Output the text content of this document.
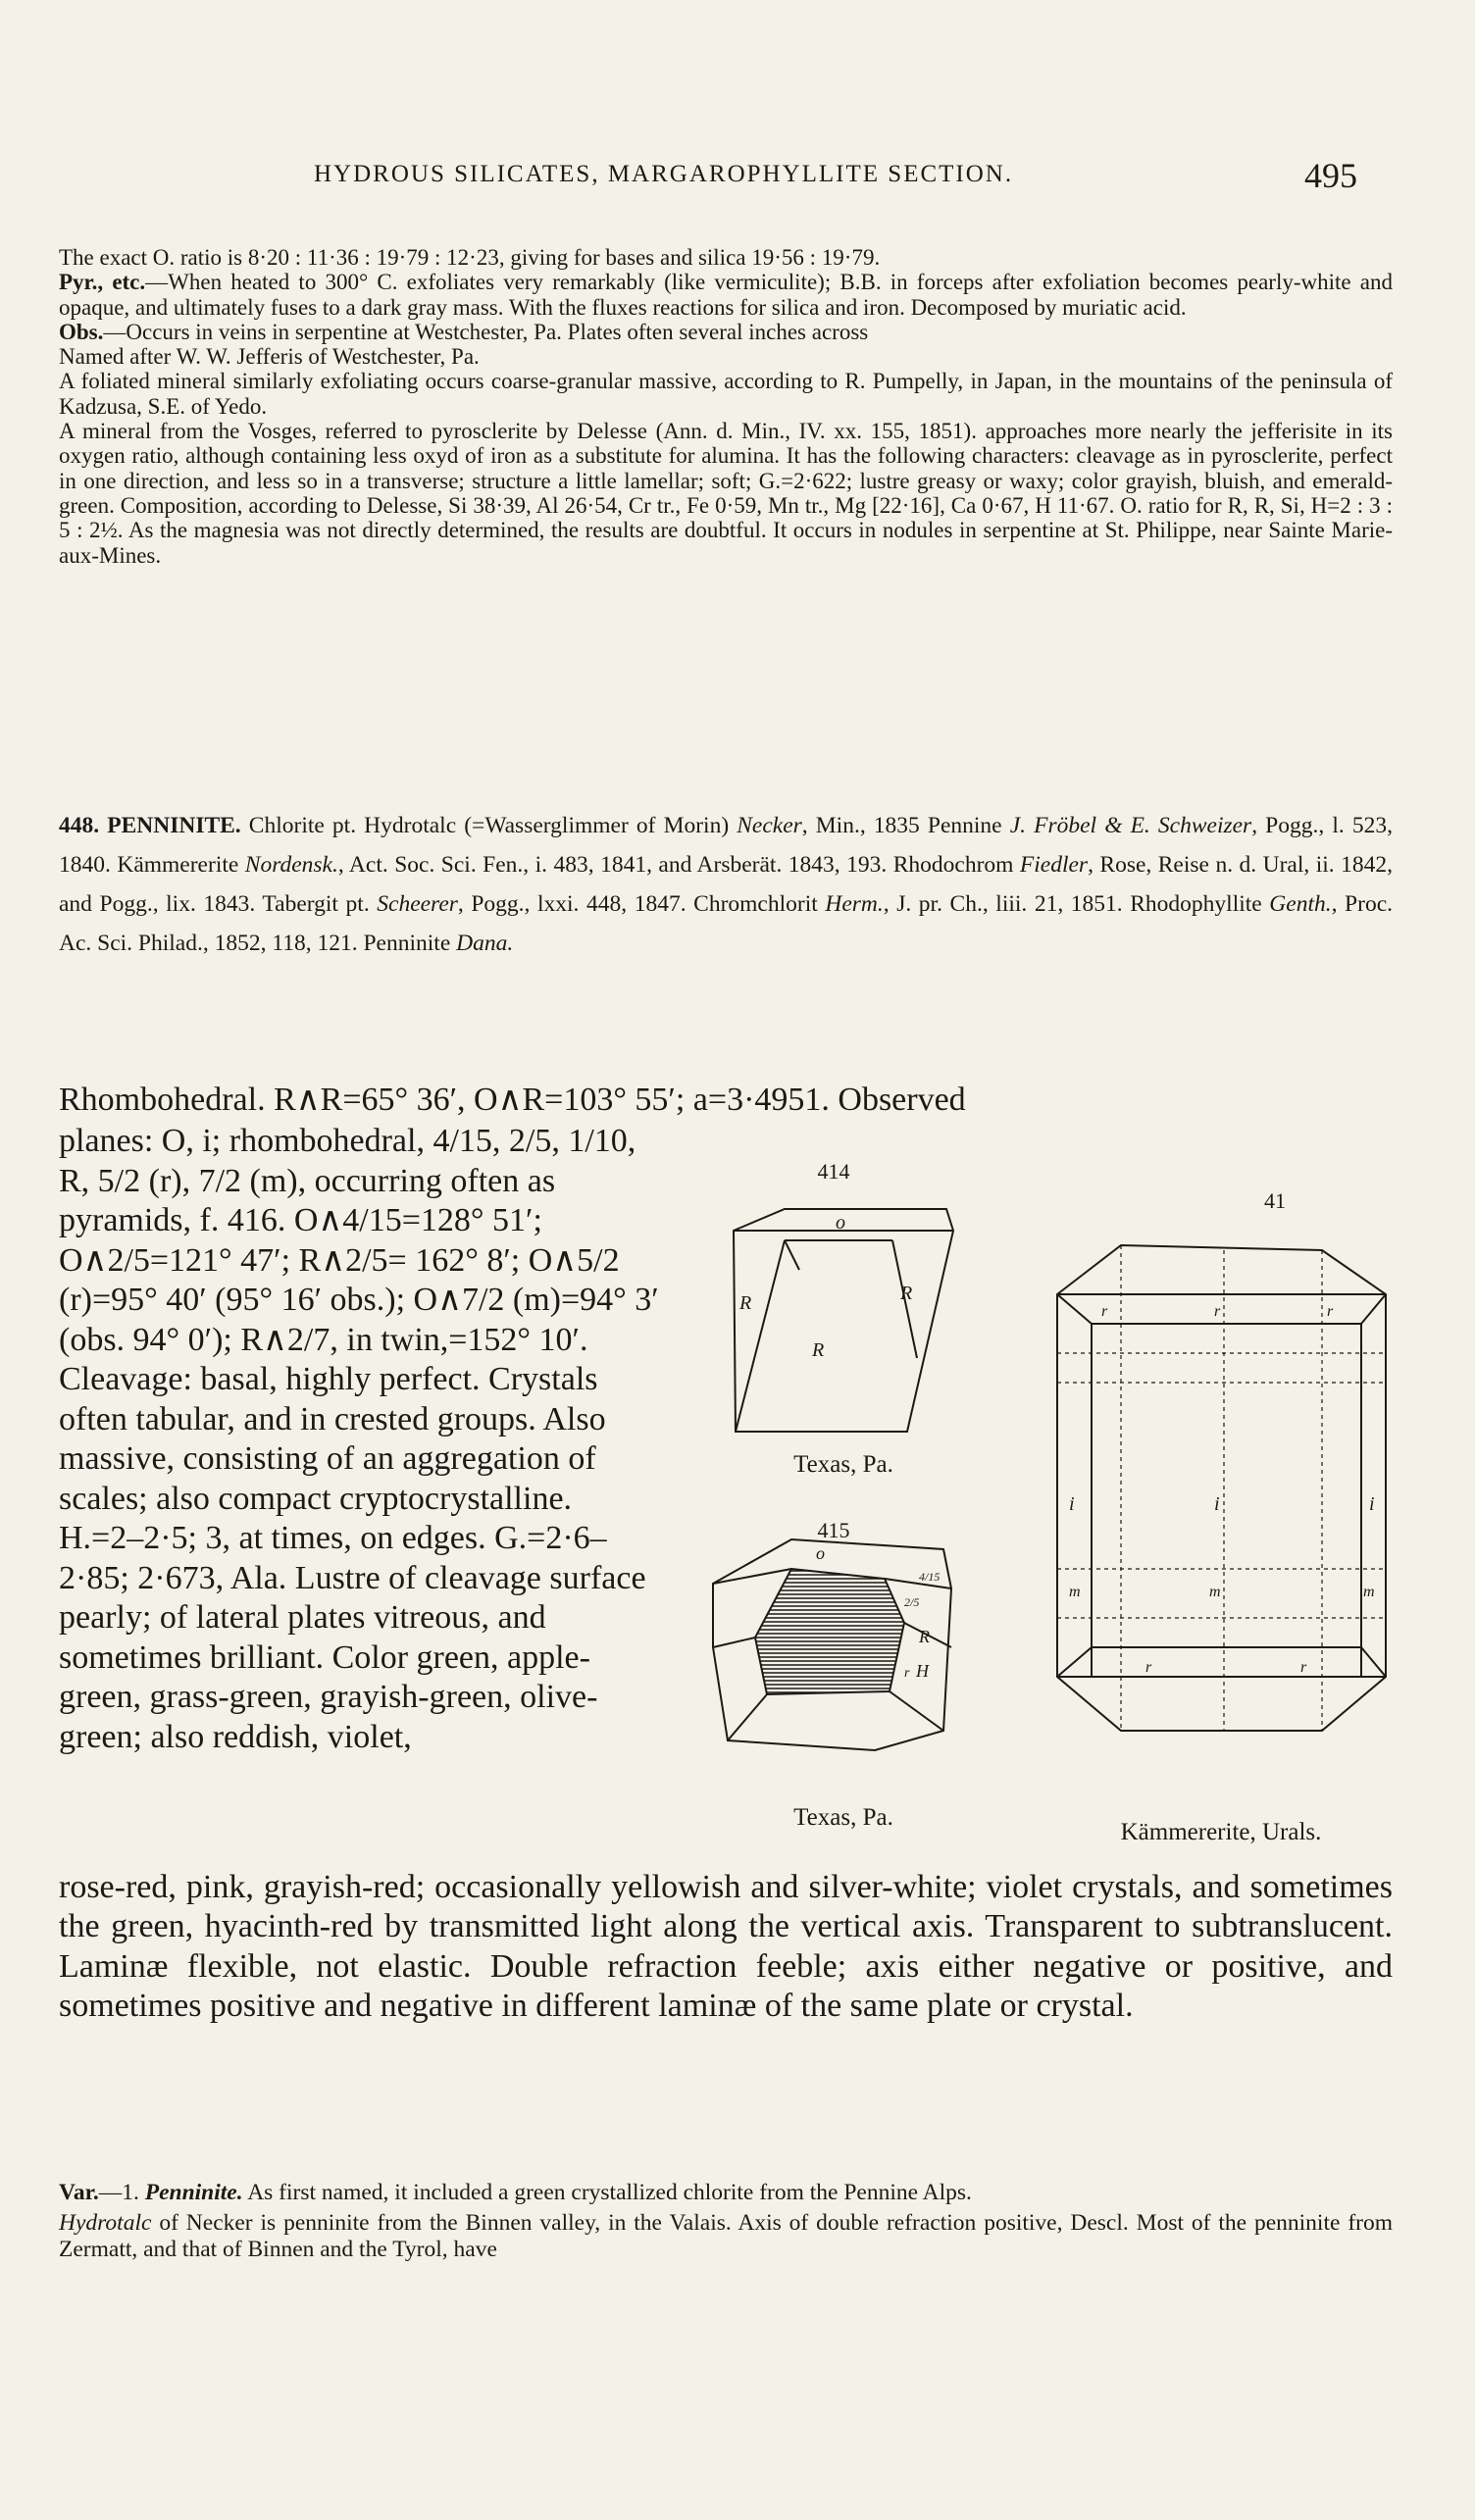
HYDROUS SILICATES, MARGAROPHYLLITE SECTION.	495

The exact O. ratio is 8·20 : 11·36 : 19·79 : 12·23, giving for bases and silica 19·56 : 19·79.

Pyr., etc.—When heated to 300° C. exfoliates very remarkably (like vermiculite); B.B. in forceps after exfoliation becomes pearly-white and opaque, and ultimately fuses to a dark gray mass. With the fluxes reactions for silica and iron. Decomposed by muriatic acid.

Obs.—Occurs in veins in serpentine at Westchester, Pa. Plates often several inches across

Named after W. W. Jefferis of Westchester, Pa.

A foliated mineral similarly exfoliating occurs coarse-granular massive, according to R. Pumpelly, in Japan, in the mountains of the peninsula of Kadzusa, S.E. of Yedo.

A mineral from the Vosges, referred to pyrosclerite by Delesse (Ann. d. Min., IV. xx. 155, 1851). approaches more nearly the jefferisite in its oxygen ratio, although containing less oxyd of iron as a substitute for alumina. It has the following characters: cleavage as in pyrosclerite, perfect in one direction, and less so in a transverse; structure a little lamellar; soft; G.=2·622; lustre greasy or waxy; color grayish, bluish, and emerald-green. Composition, according to Delesse, Si 38·39, Al 26·54, Cr tr., Fe 0·59, Mn tr., Mg [22·16], Ca 0·67, H 11·67. O. ratio for R, R, Si, H=2 : 3 : 5 : 2½. As the magnesia was not directly determined, the results are doubtful. It occurs in nodules in serpentine at St. Philippe, near Sainte Marie-aux-Mines.

448. PENNINITE. Chlorite pt. Hydrotalc (=Wasserglimmer of Morin) Necker, Min., 1835 Pennine J. Fröbel & E. Schweizer, Pogg., l. 523, 1840. Kämmererite Nordensk., Act. Soc. Sci. Fen., i. 483, 1841, and Arsberät. 1843, 193. Rhodochrom Fiedler, Rose, Reise n. d. Ural, ii. 1842, and Pogg., lix. 1843. Tabergit pt. Scheerer, Pogg., lxxi. 448, 1847. Chromchlorit Herm., J. pr. Ch., liii. 21, 1851. Rhodophyllite Genth., Proc. Ac. Sci. Philad., 1852, 118, 121. Penninite Dana.

Rhombohedral. R∧R=65° 36′, O∧R=103° 55′; a=3·4951. Observed

planes: O, i; rhombohedral, 4/15, 2/5, 1/10, R, 5/2 (r), 7/2 (m), occurring often as pyramids, f. 416. O∧4/15=128° 51′; O∧2/5=121° 47′; R∧2/5= 162° 8′; O∧5/2 (r)=95° 40′ (95° 16′ obs.); O∧7/2 (m)=94° 3′ (obs. 94° 0′); R∧2/7, in twin,=152° 10′. Cleavage: basal, highly perfect. Crystals often tabular, and in crested groups. Also massive, consisting of an aggregation of scales; also compact cryptocrystalline.

H.=2–2·5; 3, at times, on edges. G.=2·6–2·85; 2·673, Ala. Lustre of cleavage surface pearly; of lateral plates vitreous, and sometimes brilliant. Color green, apple-green, grass-green, grayish-green, olive-green; also reddish, violet,

rose-red, pink, grayish-red; occasionally yellowish and silver-white; violet crystals, and sometimes the green, hyacinth-red by transmitted light along the vertical axis. Transparent to subtranslucent. Laminæ flexible, not elastic. Double refraction feeble; axis either negative or positive, and sometimes positive and negative in different laminæ of the same plate or crystal.

414
o
R	R
R
Texas, Pa.
415
o
4/15
2/5
R
r H
Texas, Pa.
41
r	r	r
i	i	i
m	m	m
r	r
Kämmererite, Urals.

Var.—1. Penninite. As first named, it included a green crystallized chlorite from the Pennine Alps.

Hydrotalc of Necker is penninite from the Binnen valley, in the Valais. Axis of double refraction positive, Descl. Most of the penninite from Zermatt, and that of Binnen and the Tyrol, have
